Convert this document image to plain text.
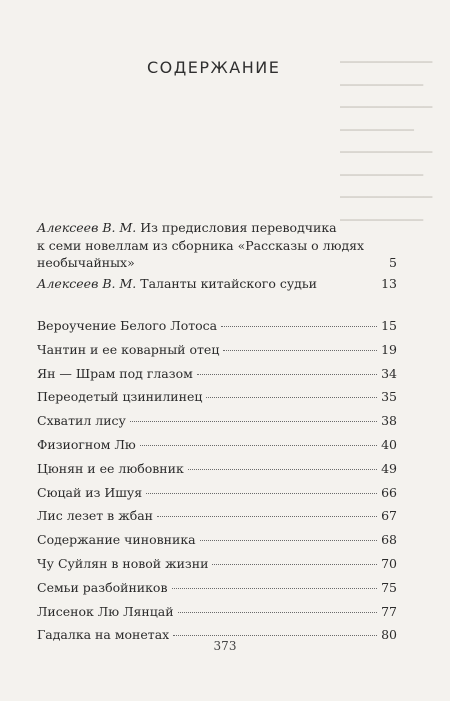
▁▁▁▁▁▁▁▁▁▁
▁▁▁▁▁▁▁▁▁
▁▁▁▁▁▁▁▁▁▁
▁▁▁▁▁▁▁▁
▁▁▁▁▁▁▁▁▁▁
▁▁▁▁▁▁▁▁▁
▁▁▁▁▁▁▁▁▁▁
▁▁▁▁▁▁▁▁▁
СОДЕРЖАНИЕ
Алексеев В. М. Из предисловия переводчика
к семи новеллам из сборника «Рассказы о людях
необычайных»	5
Алексеев В. М. Таланты китайского судьи	13
Вероучение Белого Лотоса	15
Чантин и ее коварный отец	19
Ян — Шрам под глазом	34
Переодетый цзинилинец	35
Схватил лису	38
Физиогном Лю	40
Цюнян и ее любовник	49
Сюцай из Ишуя	66
Лис лезет в жбан	67
Содержание чиновника	68
Чу Суйлян в новой жизни	70
Семьи разбойников	75
Лисенок Лю Лянцай	77
Гадалка на монетах	80
373
